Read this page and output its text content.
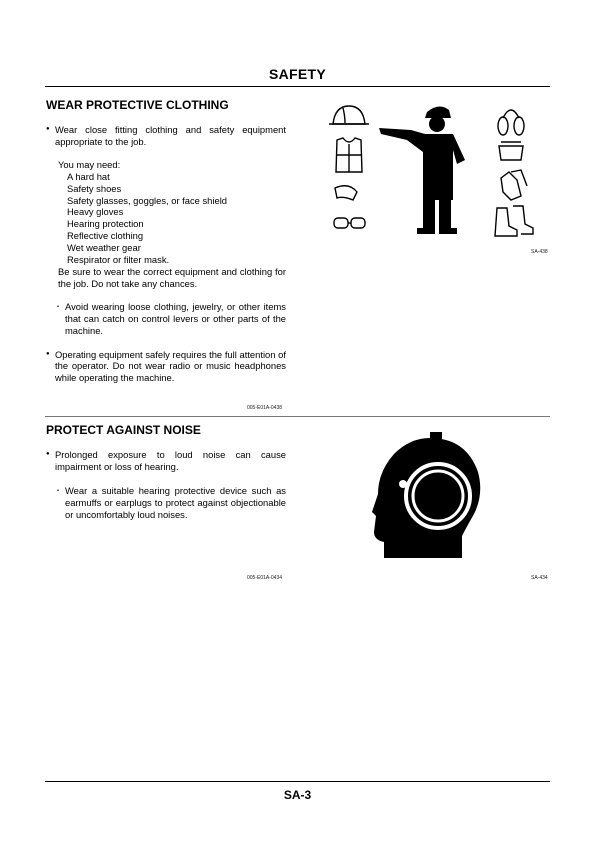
SAFETY
WEAR PROTECTIVE CLOTHING

● Wear close fitting clothing and safety equipment appropriate to the job.

You may need:

A hard hat

Safety shoes

Safety glasses, goggles, or face shield

Heavy gloves

Hearing protection

Reflective clothing

Wet weather gear

Respirator or filter mask.

Be sure to wear the correct equipment and clothing for the job. Do not take any chances.

・ Avoid wearing loose clothing, jewelry, or other items that can catch on control levers or other parts of the machine.

● Operating equipment safely requires the full attention of the operator. Do not wear radio or music headphones while operating the machine.

005-E01A-0438
SA-438
PROTECT AGAINST NOISE

● Prolonged exposure to loud noise can cause impairment or loss of hearing.

・ Wear a suitable hearing protective device such as earmuffs or earplugs to protect against objectionable or uncomfortably loud noises.

005-E01A-0434	SA-434
SA-3
